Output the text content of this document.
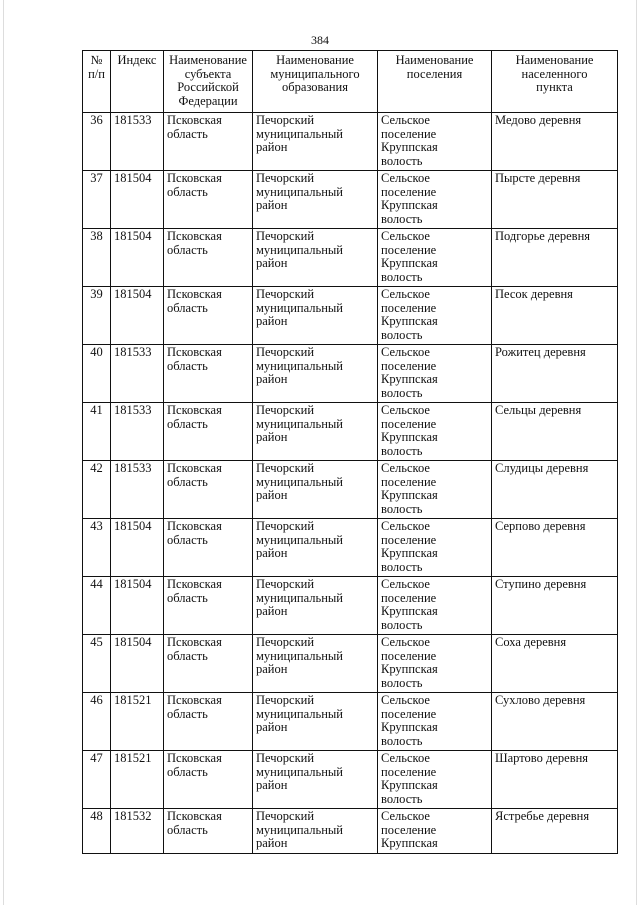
384
№
п/п	Индекс	Наименование
субъекта
Российской
Федерации	Наименование
муниципального
образования	Наименование
поселения	Наименование
населенного
пункта
36	181533	Псковская
область	Печорский
муниципальный
район	Сельское
поселение
Круппская
волость	Медово деревня
37	181504	Псковская
область	Печорский
муниципальный
район	Сельское
поселение
Круппская
волость	Пырсте деревня
38	181504	Псковская
область	Печорский
муниципальный
район	Сельское
поселение
Круппская
волость	Подгорье деревня
39	181504	Псковская
область	Печорский
муниципальный
район	Сельское
поселение
Круппская
волость	Песок деревня
40	181533	Псковская
область	Печорский
муниципальный
район	Сельское
поселение
Круппская
волость	Рожитец деревня
41	181533	Псковская
область	Печорский
муниципальный
район	Сельское
поселение
Круппская
волость	Сельцы деревня
42	181533	Псковская
область	Печорский
муниципальный
район	Сельское
поселение
Круппская
волость	Слудицы деревня
43	181504	Псковская
область	Печорский
муниципальный
район	Сельское
поселение
Круппская
волость	Серпово деревня
44	181504	Псковская
область	Печорский
муниципальный
район	Сельское
поселение
Круппская
волость	Ступино деревня
45	181504	Псковская
область	Печорский
муниципальный
район	Сельское
поселение
Круппская
волость	Соха деревня
46	181521	Псковская
область	Печорский
муниципальный
район	Сельское
поселение
Круппская
волость	Сухлово деревня
47	181521	Псковская
область	Печорский
муниципальный
район	Сельское
поселение
Круппская
волость	Шартово деревня
48	181532	Псковская
область	Печорский
муниципальный
район	Сельское
поселение
Круппская	Ястребье деревня
